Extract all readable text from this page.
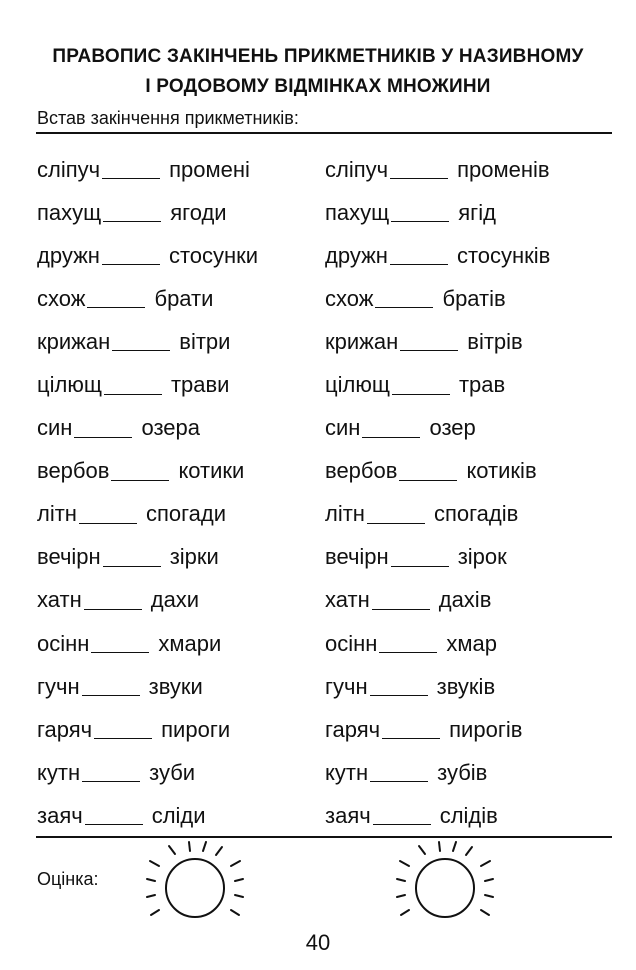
ПРАВОПИС ЗАКІНЧЕНЬ ПРИКМЕТНИКІВ У НАЗИВНОМУ
І РОДОВОМУ ВІДМІНКАХ МНОЖИНИ
Встав закінчення прикметників:
сліпуч	промені
пахущ	ягоди
дружн	стосунки
схож	брати
крижан	вітри
цілющ	трави
син	озера
вербов	котики
літн	спогади
вечірн	зірки
хатн	дахи
осінн	хмари
гучн	звуки
гаряч	пироги
кутн	зуби
заяч	сліди
сліпуч	променів
пахущ	ягід
дружн	стосунків
схож	братів
крижан	вітрів
цілющ	трав
син	озер
вербов	котиків
літн	спогадів
вечірн	зірок
хатн	дахів
осінн	хмар
гучн	звуків
гаряч	пирогів
кутн	зубів
заяч	слідів
Оцінка:
40
